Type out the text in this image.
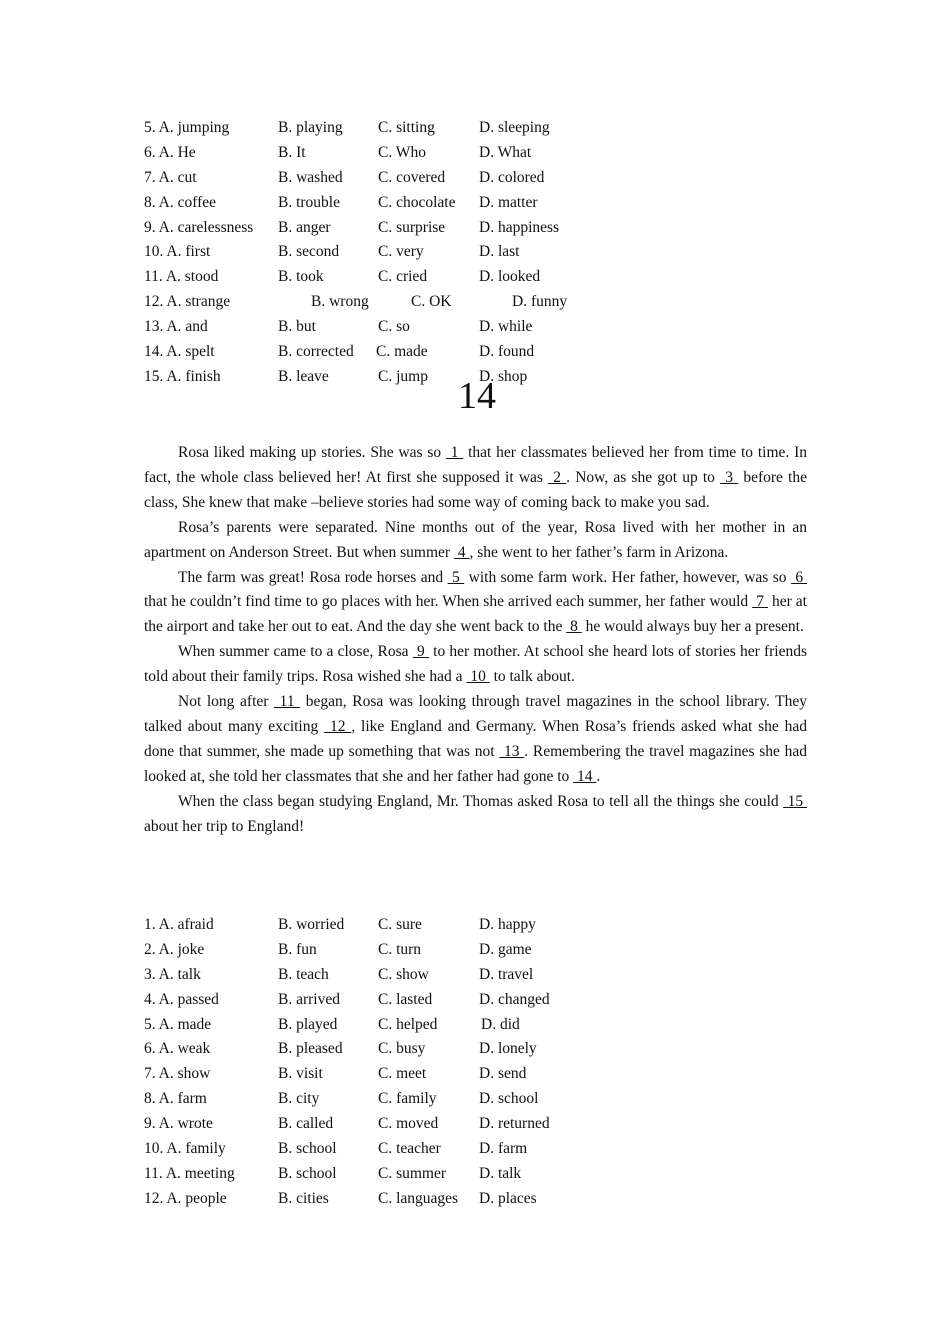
5. A. jumping	B. playing C. sitting	D. sleeping
6. A. He	B. It	C. Who	D. What
7. A. cut	B. washed C. covered D. colored
8. A. coffee	B. trouble C. chocolate D. matter
9. A. carelessness B. anger	C. surprise D. happiness
10. A. first	B. second	C. very	D. last
11. A. stood	B. took	C. cried	D. looked
12. A. strange	B. wrong	C. OK	D. funny
13. A. and	B. but	C. so	D. while
14. A. spelt	B. corrected C. made	D. found
15. A. finish	B. leave	C. jump	D. shop
14

Rosa liked making up stories. She was so  1  that her classmates believed her from time to time. In fact, the whole class believed her! At first she supposed it was  2 . Now, as she got up to  3  before the class, She knew that make –believe stories had some way of coming back to make you sad.

Rosa’s parents were separated. Nine months out of the year, Rosa lived with her mother in an apartment on Anderson Street. But when summer  4 , she went to her father’s farm in Arizona.

The farm was great! Rosa rode horses and  5  with some farm work. Her father, however, was so  6  that he couldn’t find time to go places with her. When she arrived each summer, her father would  7  her at the airport and take her out to eat. And the day she went back to the  8  he would always buy her a present.

When summer came to a close, Rosa  9  to her mother. At school she heard lots of stories her friends told about their family trips. Rosa wished she had a  10  to talk about.

Not long after  11  began, Rosa was looking through travel magazines in the school library. They talked about many exciting  12 , like England and Germany. When Rosa’s friends asked what she had done that summer, she made up something that was not  13 . Remembering the travel magazines she had looked at, she told her classmates that she and her father had gone to  14 .

When the class began studying England, Mr. Thomas asked Rosa to tell all the things she could  15  about her trip to England!

1. A. afraid	B. worried C. sure	D. happy
2. A. joke	B. fun	C. turn	D. game
3. A. talk	B. teach	C. show	D. travel
4. A. passed	B. arrived C. lasted	D. changed
5. A. made	B. played	C. helped	D. did
6. A. weak	B. pleased C. busy	D. lonely
7. A. show	B. visit	C. meet	D. send
8. A. farm	B. city	C. family	D. school
9. A. wrote	B. called	C. moved	D. returned
10. A. family	B. school	C. teacher D. farm
11. A. meeting	B. school	C. summer D. talk
12. A. people	B. cities	C. languages D. places
